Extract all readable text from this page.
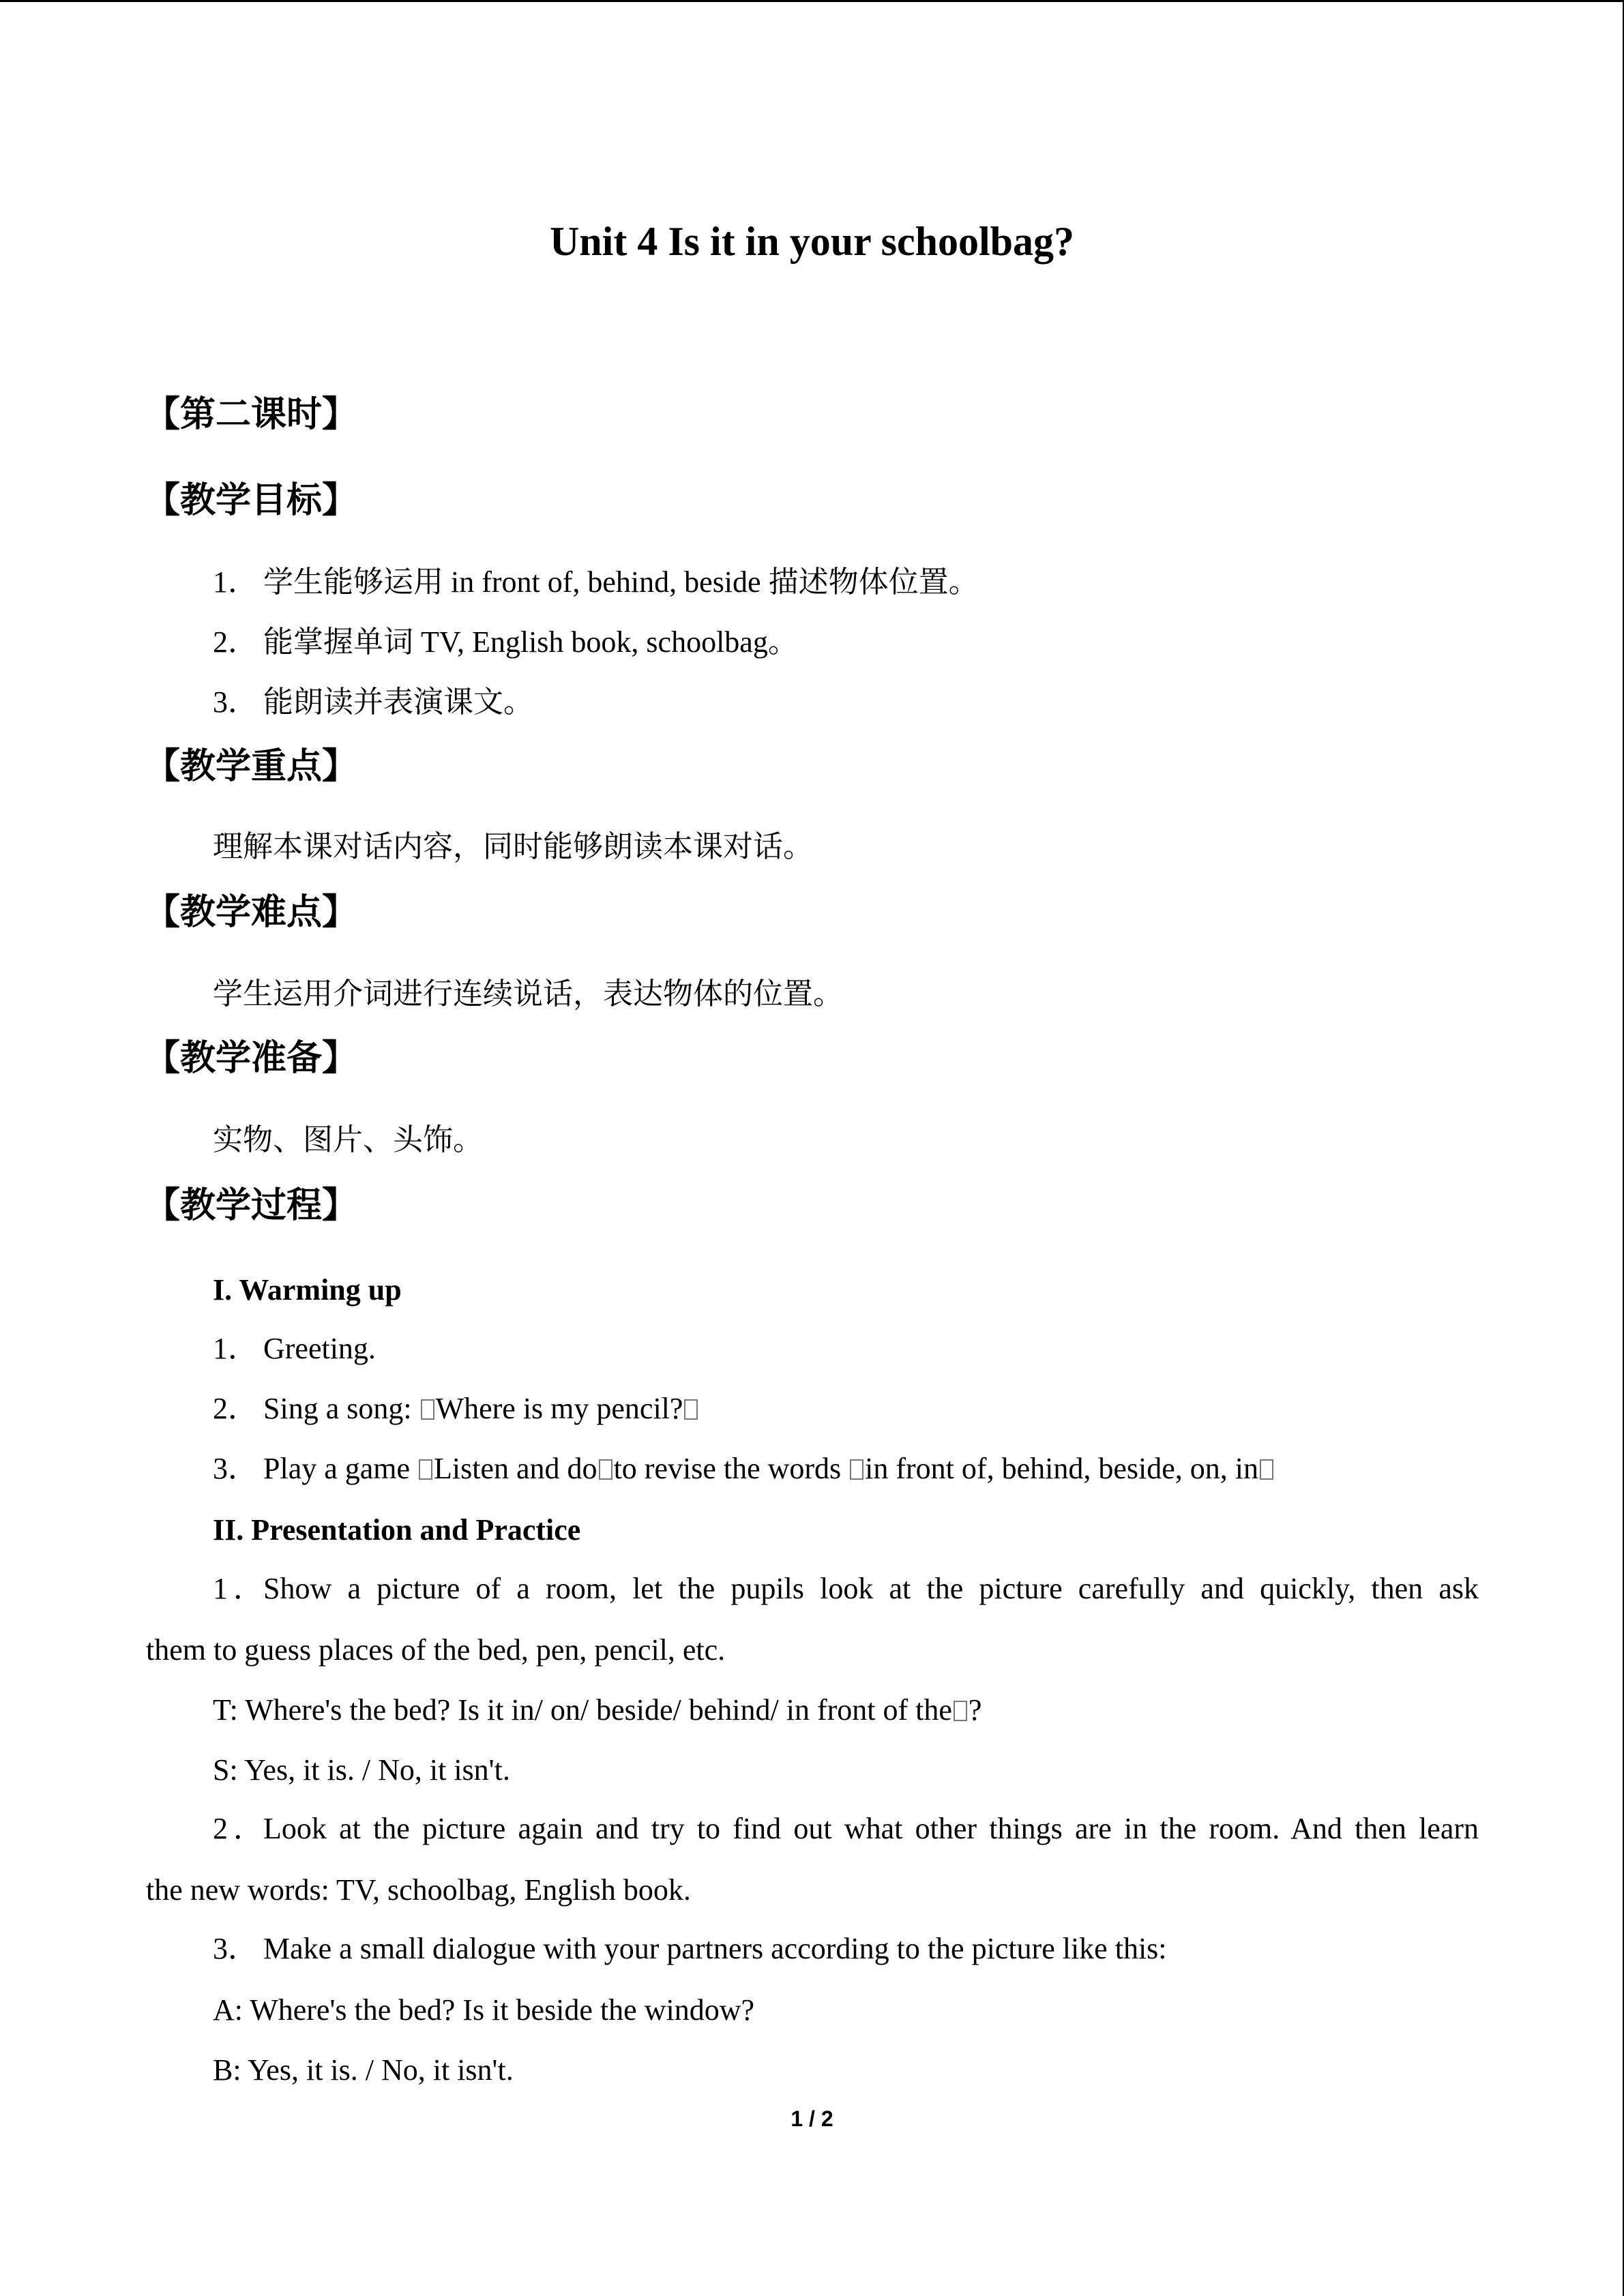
Unit 4 Is it in your schoolbag?
【第二课时】
【教学目标】
1． 学生能够运用 in front of, behind, beside 描述物体位置。
2． 能掌握单词 TV, English book, schoolbag。
3． 能朗读并表演课文。
【教学重点】
理解本课对话内容，同时能够朗读本课对话。
【教学难点】
学生运用介词进行连续说话，表达物体的位置。
【教学准备】
实物、图片、头饰。
【教学过程】
I. Warming up
1． Greeting.
2． Sing a song: Where is my pencil?
3． Play a game Listen and do to revise the words in front of, behind, beside, on, in
II. Presentation and Practice
1．Show a picture of a room, let the pupils look at the picture carefully and quickly, then ask
them to guess places of the bed, pen, pencil, etc.
T: Where's the bed? Is it in/ on/ beside/ behind/ in front of the ?
S: Yes, it is. / No, it isn't.
2．Look at the picture again and try to find out what other things are in the room. And then learn
the new words: TV, schoolbag, English book.
3． Make a small dialogue with your partners according to the picture like this:
A: Where's the bed? Is it beside the window?
B: Yes, it is. / No, it isn't.
1 / 2
